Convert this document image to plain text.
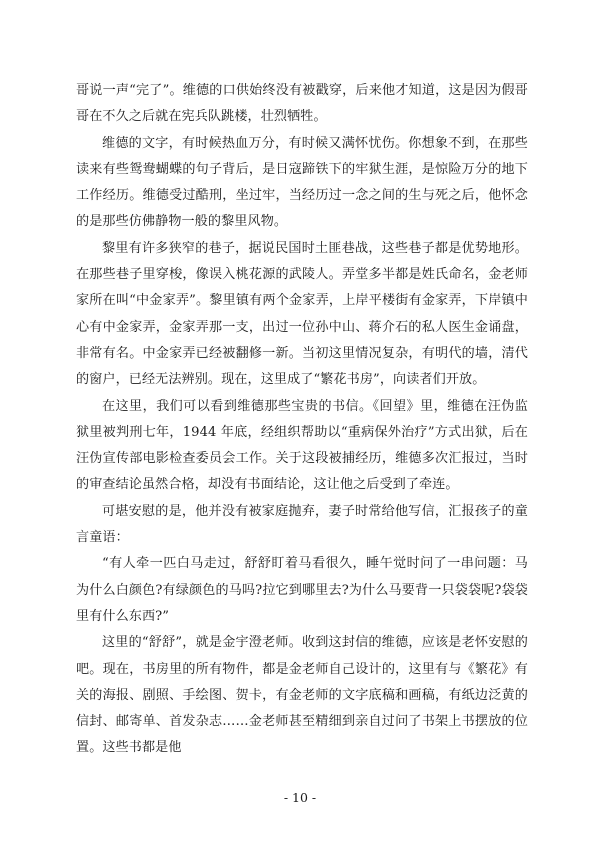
哥说一声“完了”。维德的口供始终没有被戳穿，后来他才知道，这是因为假哥哥在不久之后就在宪兵队跳楼，壮烈牺牲。

维德的文字，有时候热血万分，有时候又满怀忧伤。你想象不到，在那些读来有些鸳鸯蝴蝶的句子背后，是日寇蹄铁下的牢狱生涯，是惊险万分的地下工作经历。维德受过酷刑，坐过牢，当经历过一念之间的生与死之后，他怀念的是那些仿佛静物一般的黎里风物。

黎里有许多狭窄的巷子，据说民国时土匪巷战，这些巷子都是优势地形。在那些巷子里穿梭，像误入桃花源的武陵人。弄堂多半都是姓氏命名，金老师家所在叫“中金家弄”。黎里镇有两个金家弄，上岸平楼街有金家弄，下岸镇中心有中金家弄，金家弄那一支，出过一位孙中山、蒋介石的私人医生金诵盘，非常有名。中金家弄已经被翻修一新。当初这里情况复杂，有明代的墙，清代的窗户，已经无法辨别。现在，这里成了“繁花书房”，向读者们开放。

在这里，我们可以看到维德那些宝贵的书信。《回望》里，维德在汪伪监狱里被判刑七年，1944 年底，经组织帮助以“重病保外治疗”方式出狱，后在汪伪宣传部电影检查委员会工作。关于这段被捕经历，维德多次汇报过，当时的审查结论虽然合格，却没有书面结论，这让他之后受到了牵连。

可堪安慰的是，他并没有被家庭抛弃，妻子时常给他写信，汇报孩子的童言童语：

“有人牵一匹白马走过，舒舒盯着马看很久，睡午觉时问了一串问题：马为什么白颜色?有绿颜色的马吗?拉它到哪里去?为什么马要背一只袋袋呢?袋袋里有什么东西?”

这里的“舒舒”，就是金宇澄老师。收到这封信的维德，应该是老怀安慰的吧。现在，书房里的所有物件，都是金老师自己设计的，这里有与《繁花》有关的海报、剧照、手绘图、贺卡，有金老师的文字底稿和画稿，有纸边泛黄的信封、邮寄单、首发杂志……金老师甚至精细到亲自过问了书架上书摆放的位置。这些书都是他

- 10 -
